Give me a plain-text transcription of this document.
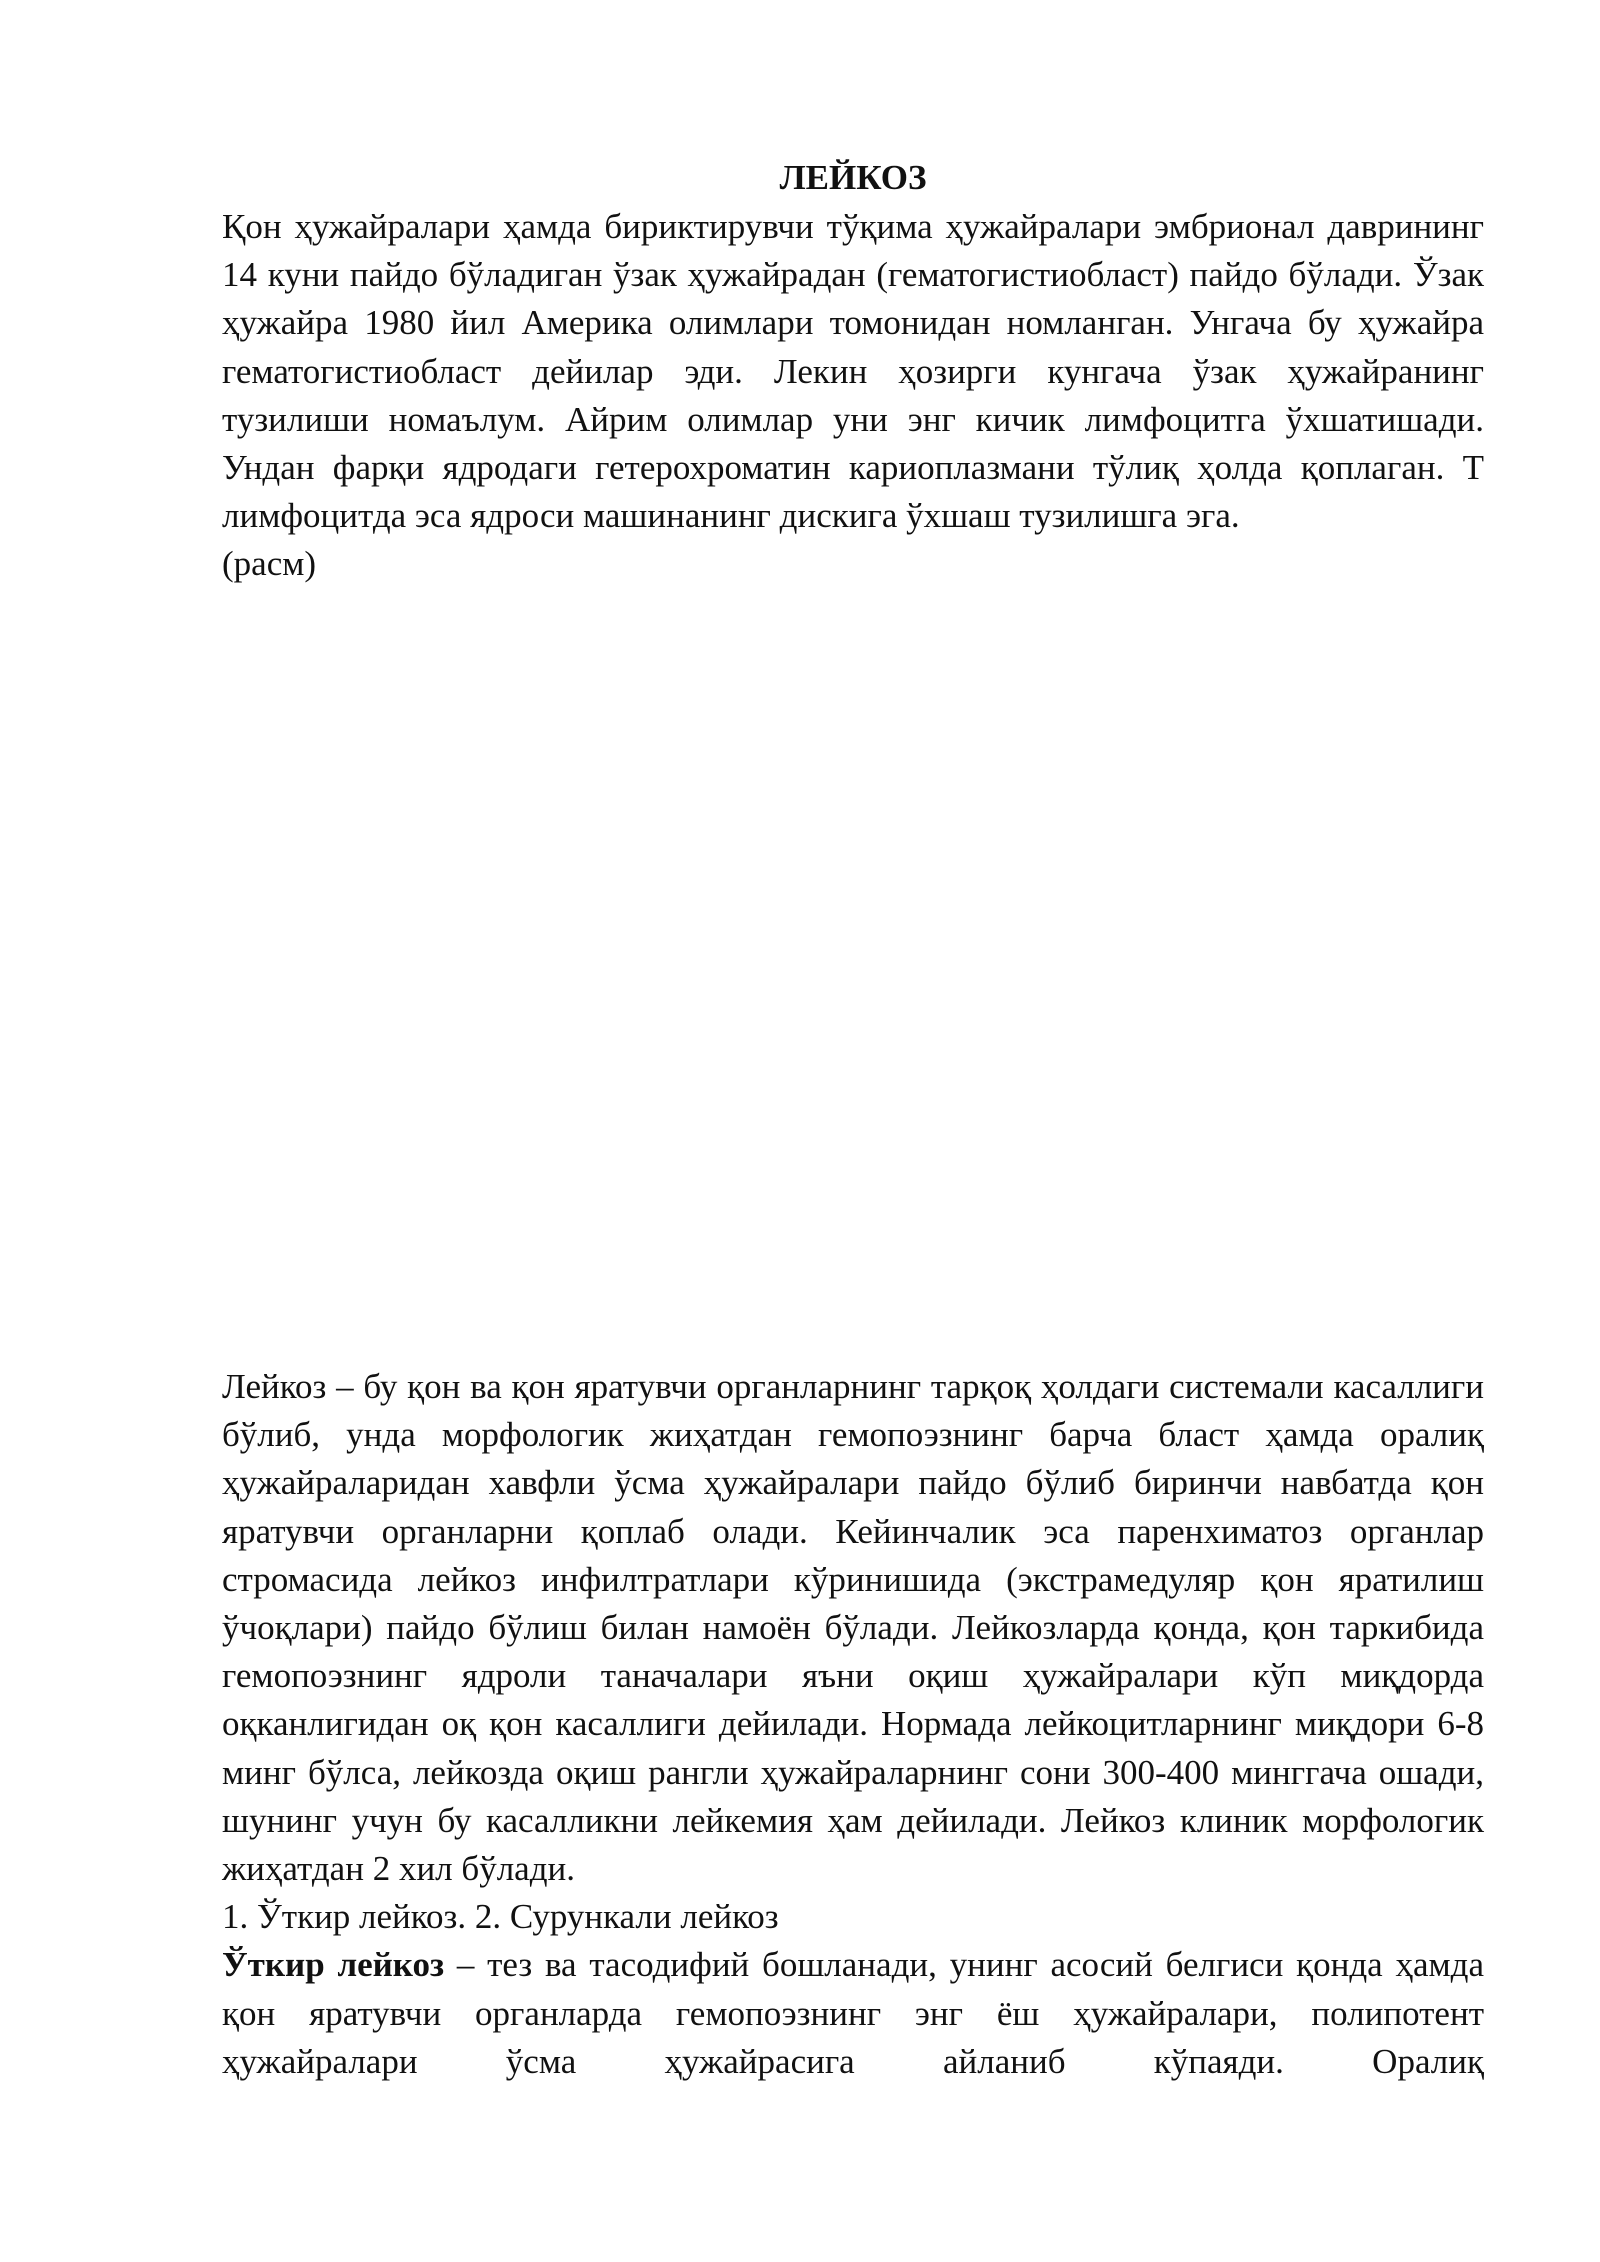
ЛЕЙКОЗ

Қон ҳужайралари ҳамда бириктирувчи тўқима ҳужайралари эмбрионал даврининг 14 куни пайдо бўладиган ўзак ҳужайрадан (гематогистиобласт) пайдо бўлади. Ўзак ҳужайра 1980 йил Америка олимлари томонидан номланган. Унгача бу ҳужайра гематогистиобласт дейилар эди. Лекин ҳозирги кунгача ўзак ҳужайранинг тузилиши номаълум. Айрим олимлар уни энг кичик лимфоцитга ўхшатишади. Ундан фарқи ядродаги гетерохроматин кариоплазмани тўлиқ ҳолда қоплаган. Т лимфоцитда эса ядроси машинанинг дискига ўхшаш тузилишга эга.

(расм)

Лейкоз – бу қон ва қон яратувчи органларнинг тарқоқ ҳолдаги системали касаллиги бўлиб, унда морфологик жиҳатдан гемопоэзнинг барча бласт ҳамда оралиқ ҳужайраларидан хавфли ўсма ҳужайралари пайдо бўлиб биринчи навбатда қон яратувчи органларни қоплаб олади. Кейинчалик эса паренхиматоз органлар стромасида лейкоз инфилтратлари кўринишида (экстрамедуляр қон яратилиш ўчоқлари) пайдо бўлиш билан намоён бўлади. Лейкозларда қонда, қон таркибида гемопоэзнинг ядроли таначалари яъни оқиш ҳужайралари кўп миқдорда оқканлигидан оқ қон касаллиги дейилади. Нормада лейкоцитларнинг миқдори 6-8 минг бўлса, лейкозда оқиш рангли ҳужайраларнинг сони 300-400 минггача ошади, шунинг учун бу касалликни лейкемия ҳам дейилади. Лейкоз клиник морфологик жиҳатдан 2 хил бўлади.

1. Ўткир лейкоз. 2. Сурункали лейкоз

Ўткир лейкоз – тез ва тасодифий бошланади, унинг асосий белгиси қонда ҳамда қон яратувчи органларда гемопоэзнинг энг ёш ҳужайралари, полипотент ҳужайралари ўсма ҳужайрасига айланиб кўпаяди. Оралиқ
